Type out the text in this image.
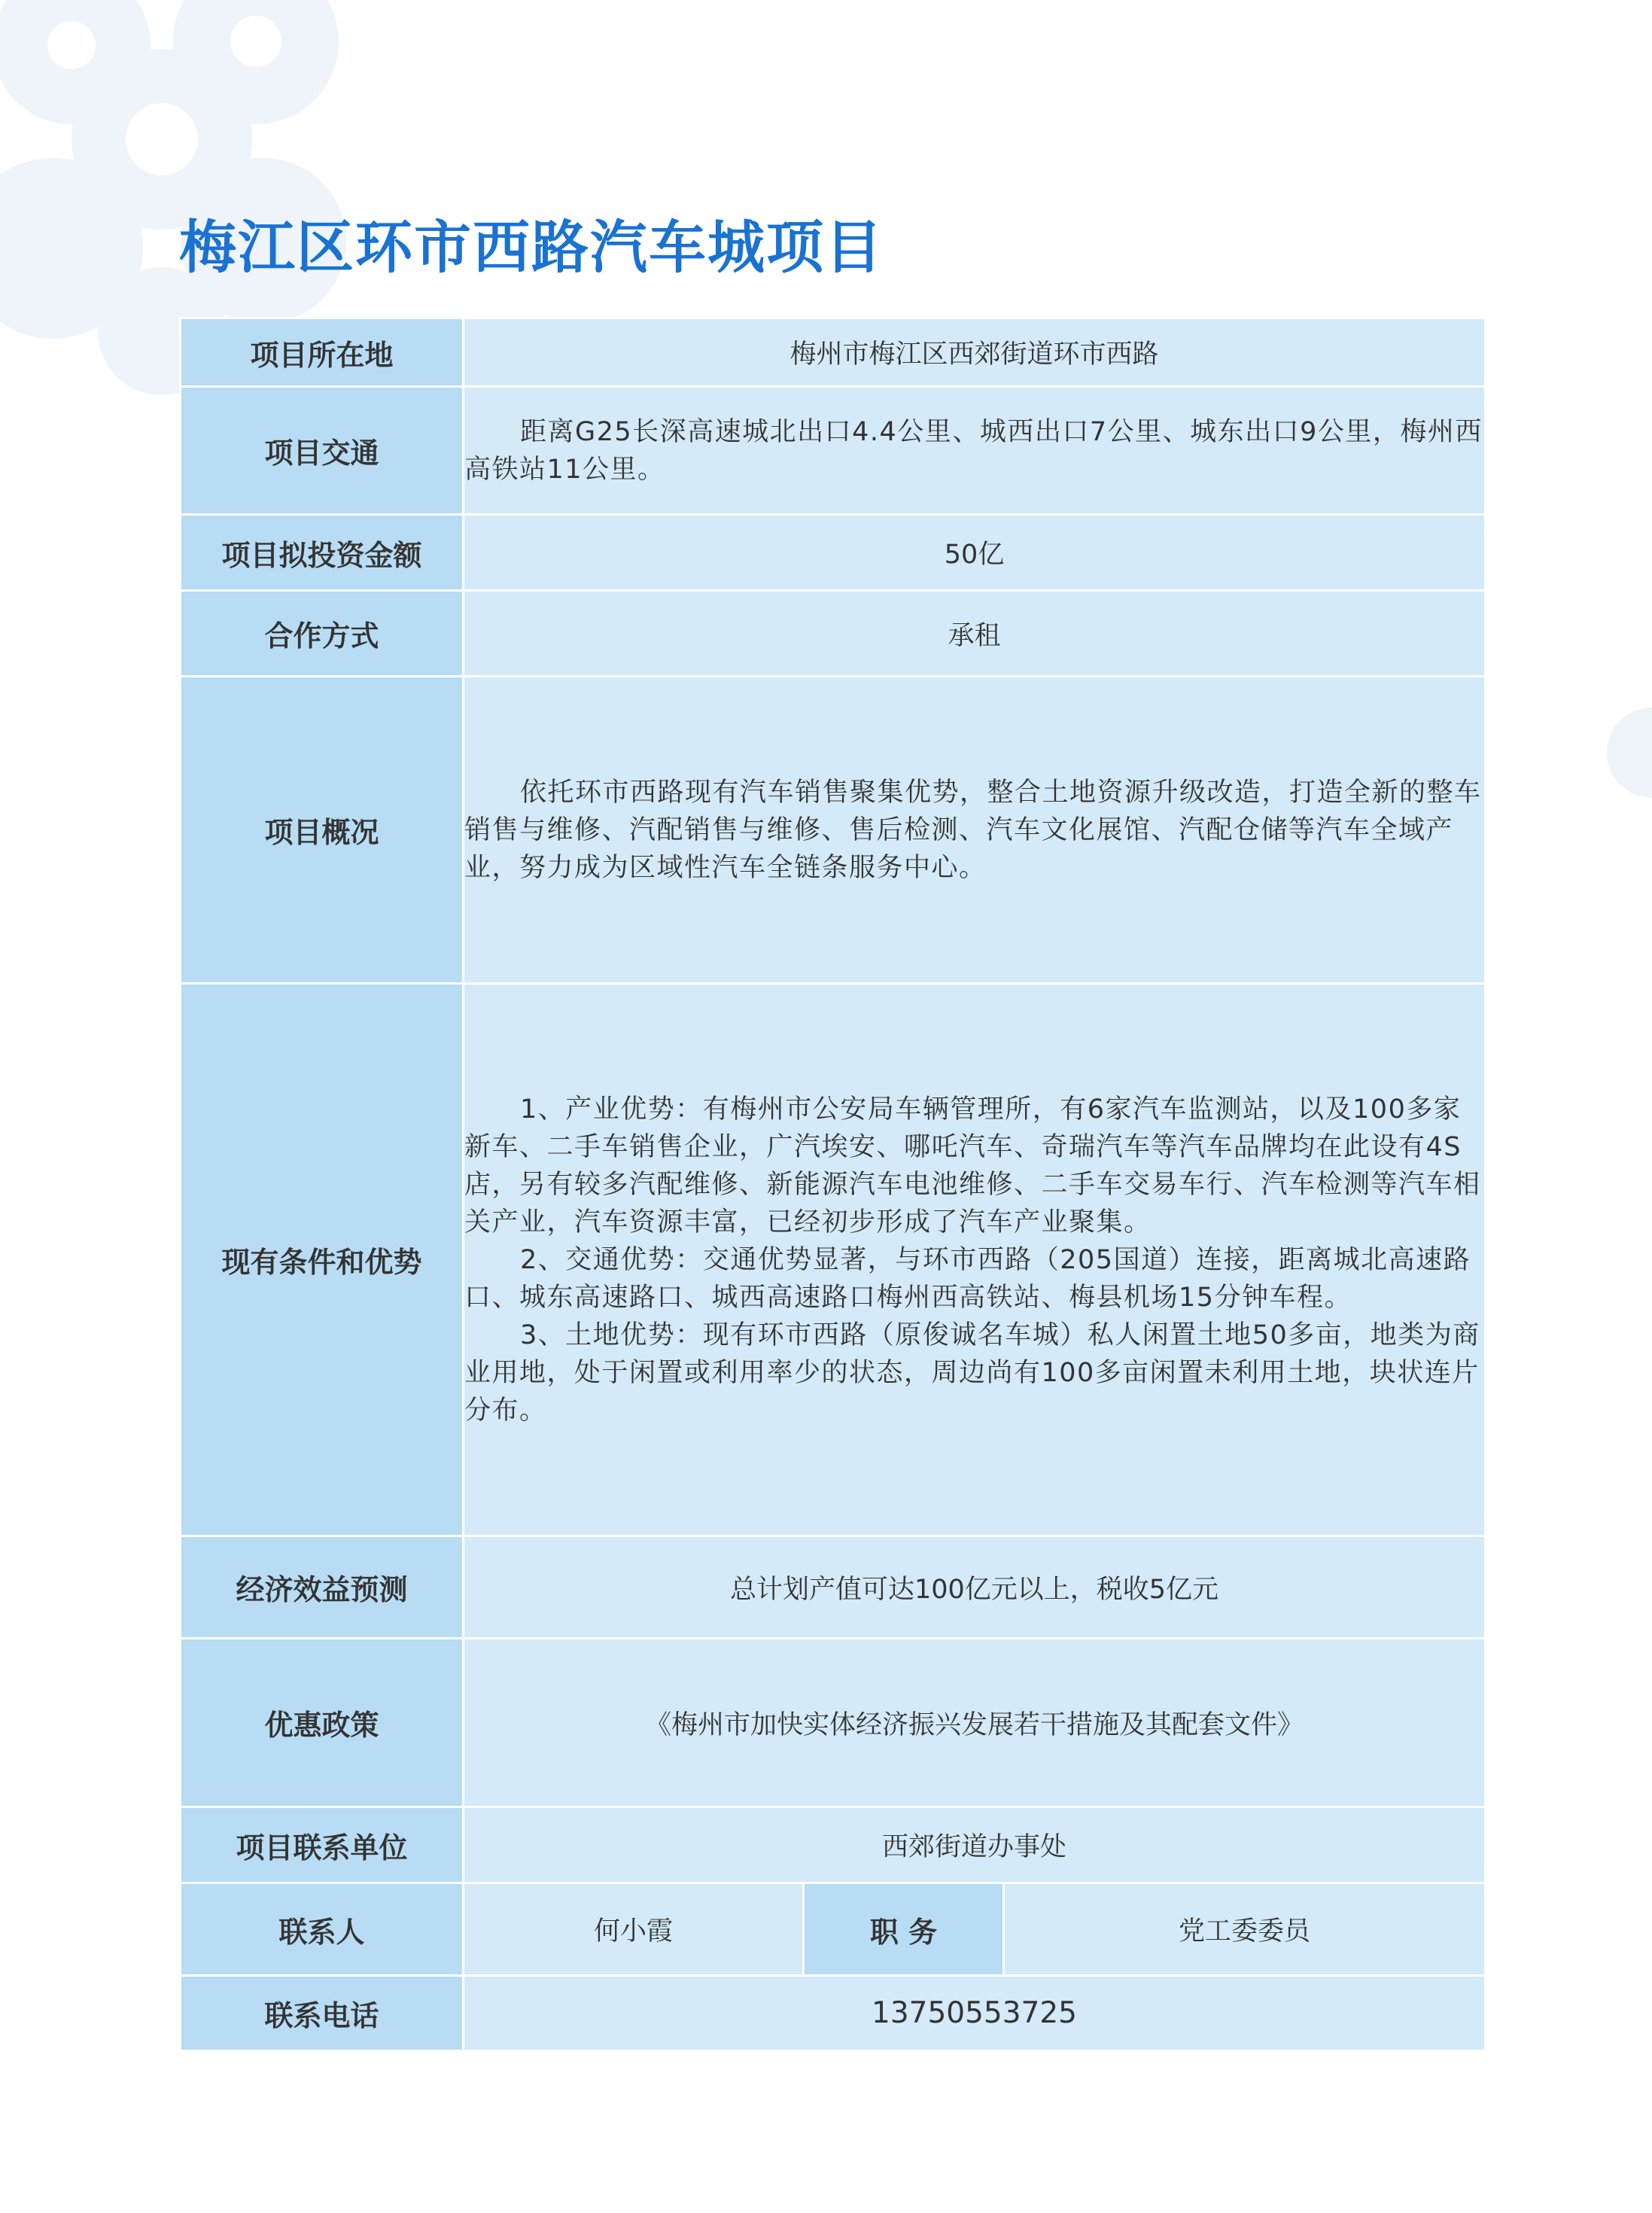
梅江区环市西路汽车城项目
项目所在地	梅州市梅江区西郊街道环市西路		
项目交通	距离G25长深高速城北出口4.4公里、城西出口7公里、城东出口9公里，梅州西高铁站11公里。		

项目拟投资金额	50亿		
合作方式	承租		
项目概况	依托环市西路现有汽车销售聚集优势，整合土地资源升级改造，打造全新的整车销售与维修、汽配销售与维修、售后检测、汽车文化展馆、汽配仓储等汽车全域产业，努力成为区域性汽车全链条服务中心。		

现有条件和优势	1、产业优势：有梅州市公安局车辆管理所，有6家汽车监测站，以及100多家新车、二手车销售企业，广汽埃安、哪吒汽车、奇瑞汽车等汽车品牌均在此设有4S店，另有较多汽配维修、新能源汽车电池维修、二手车交易车行、汽车检测等汽车相关产业，汽车资源丰富，已经初步形成了汽车产业聚集。

2、交通优势：交通优势显著，与环市西路（205国道）连接，距离城北高速路口、城东高速路口、城西高速路口梅州西高铁站、梅县机场15分钟车程。

3、土地优势：现有环市西路（原俊诚名车城）私人闲置土地50多亩，地类为商业用地，处于闲置或利用率少的状态，周边尚有100多亩闲置未利用土地，块状连片分布。		

经济效益预测	总计划产值可达100亿元以上，税收5亿元		
优惠政策	《梅州市加快实体经济振兴发展若干措施及其配套文件》		
项目联系单位	西郊街道办事处		
联系人	何小霞	职 务	党工委委员
联系电话	13750553725		
